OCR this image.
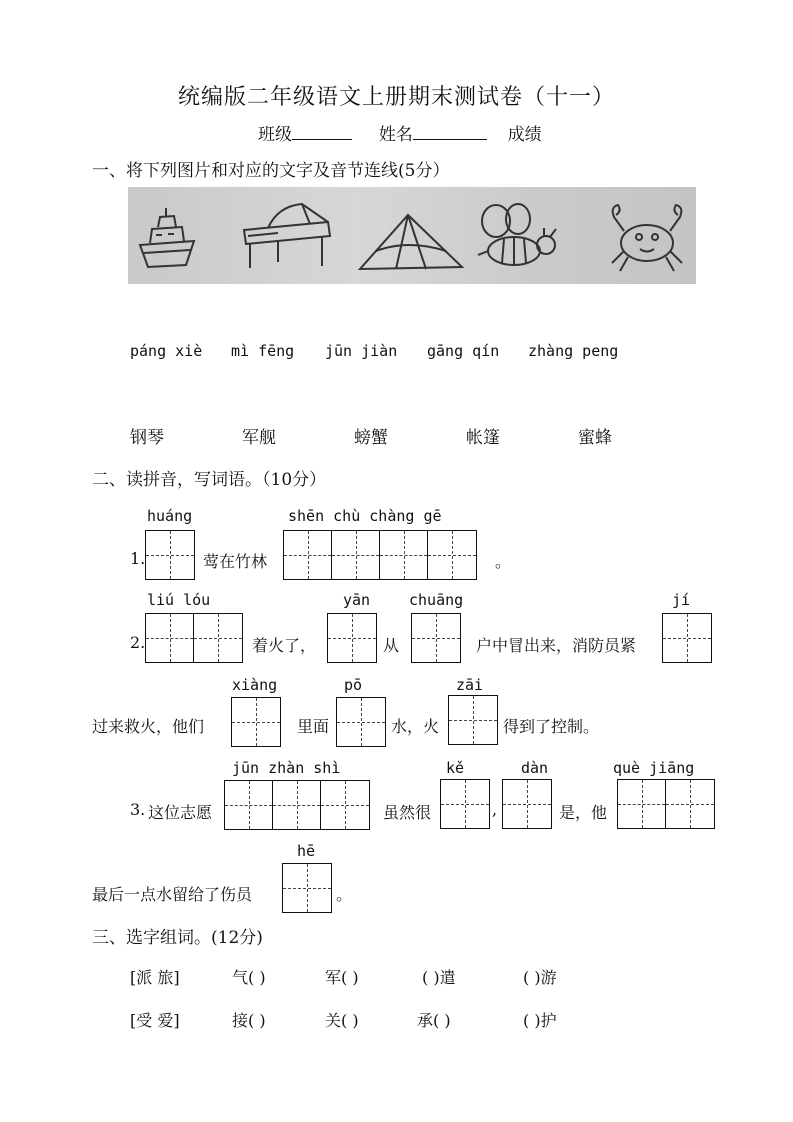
统编版二年级语文上册期末测试卷（十一）
班级	姓名	成绩
一、将下列图片和对应的文字及音节连线(5分）
páng xiè mì fēng jūn jiàn gāng qín zhàng peng
钢琴	军舰	螃蟹	帐篷	蜜蜂
二、读拼音，写词语。（10分）
huáng	shēn chù chàng gē
1.	莺在竹林	。
liú lóu	yān	chuāng	jí
2.	着火了，	从	户中冒出来，消防员紧
xiàng	pō	zāi
过来救火，他们	里面	水，火	得到了控制。
jūn zhàn shì	kě	dàn	què jiāng
3. 这位志愿	虽然很	,	是，他
hē
最后一点水留给了伤员	。
三、选字组词。(12分)
[派 旅]	气( )	军( )	( )遣	( )游
[受 爱]	接( )	关( )	承( )	( )护
